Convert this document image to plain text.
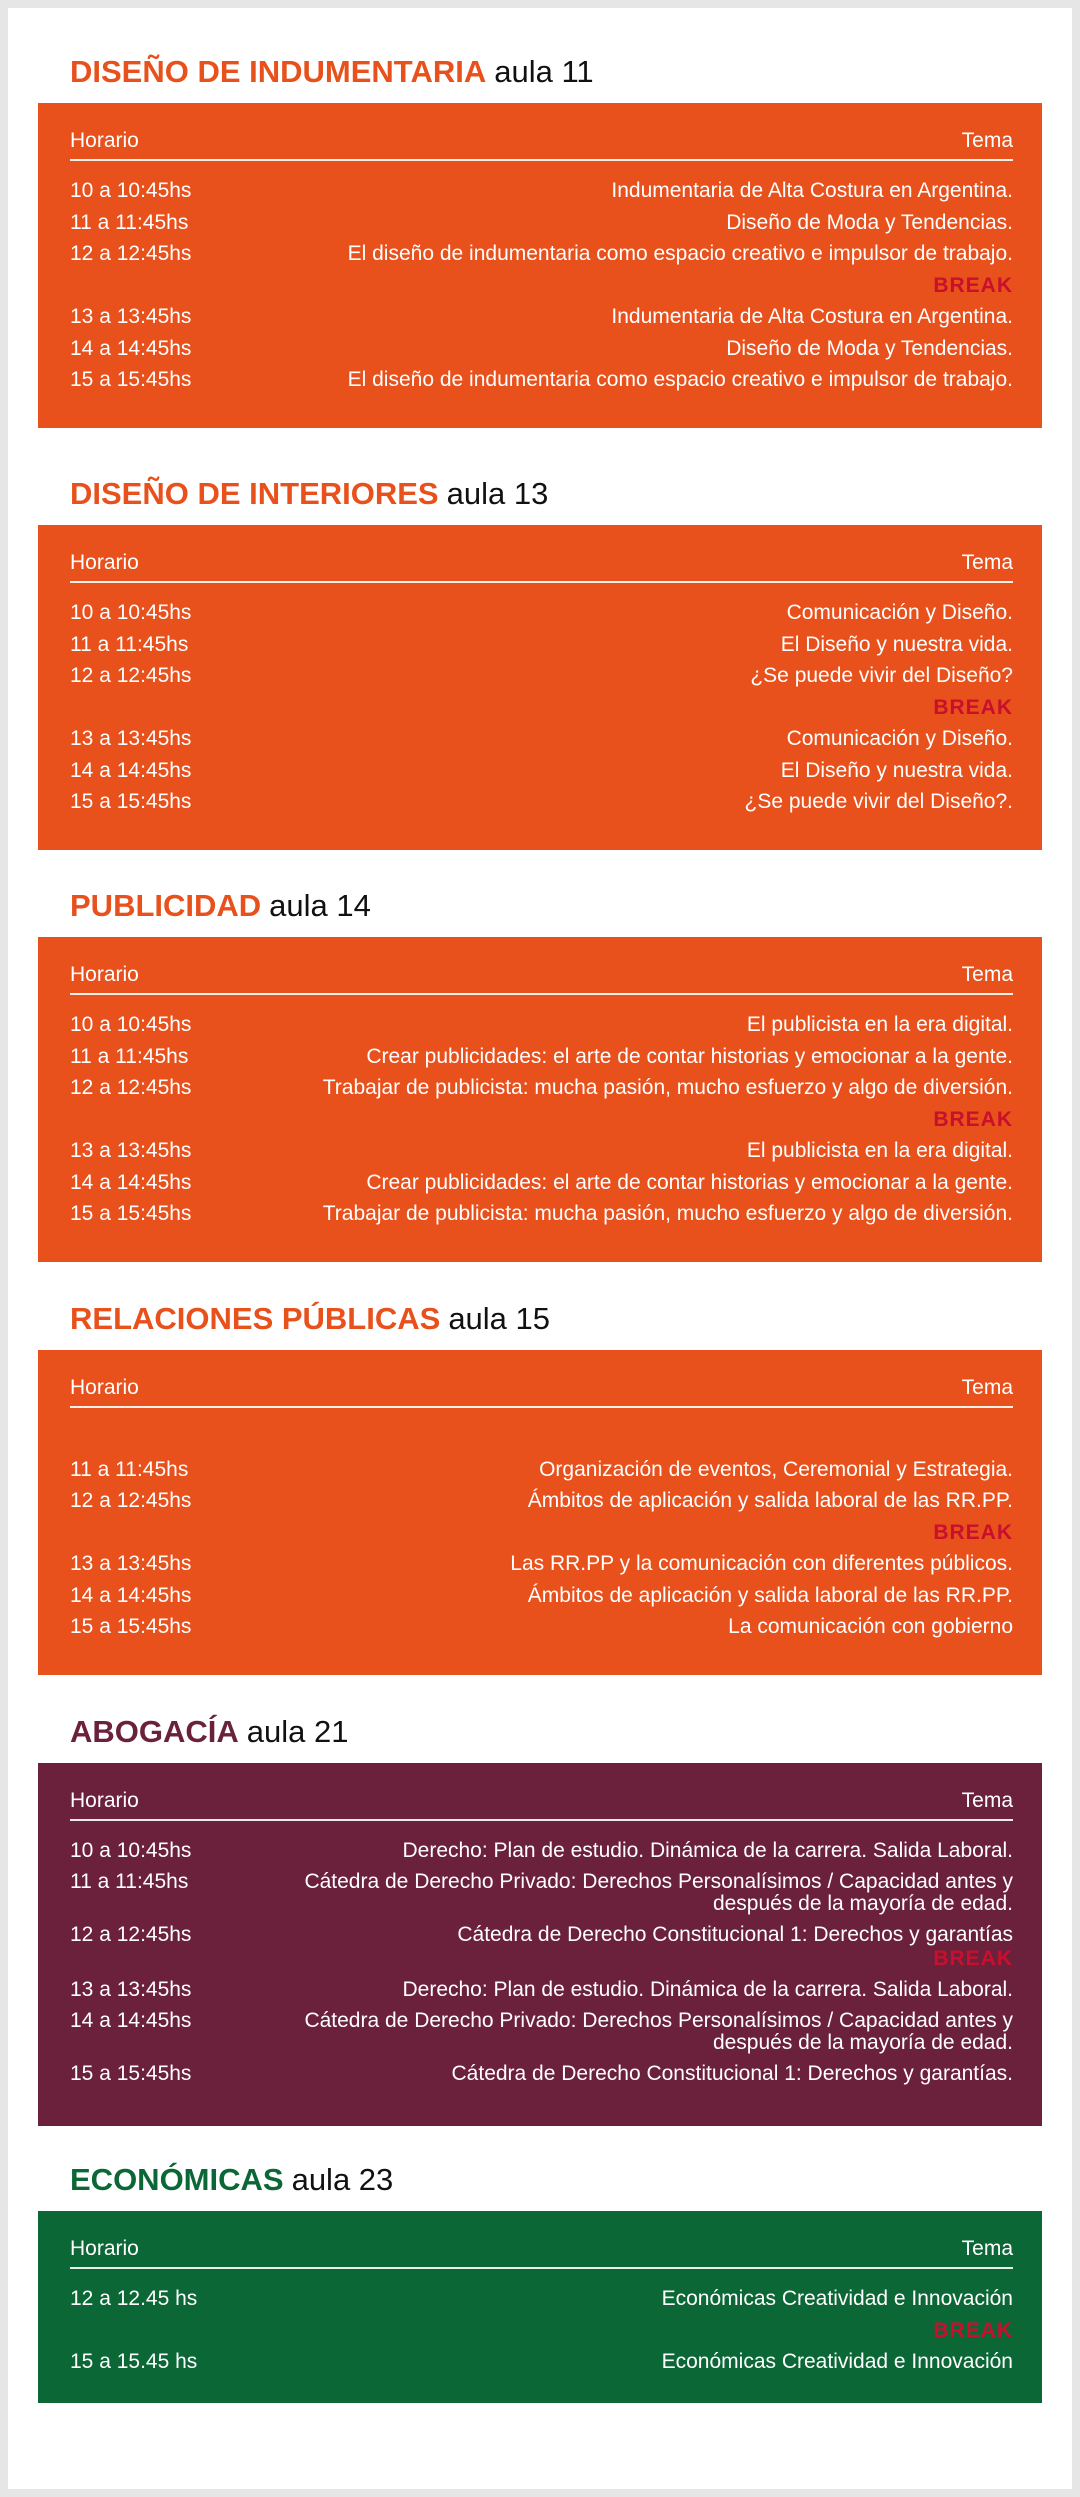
DISEÑO DE INDUMENTARIA aula 11
Horario	Tema
10 a 10:45hs	Indumentaria de Alta Costura en Argentina.
11 a 11:45hs	Diseño de Moda y Tendencias.
12 a 12:45hs	El diseño de indumentaria como espacio creativo e impulsor de trabajo.
BREAK
13 a 13:45hs	Indumentaria de Alta Costura en Argentina.
14 a 14:45hs	Diseño de Moda y Tendencias.
15 a 15:45hs	El diseño de indumentaria como espacio creativo e impulsor de trabajo.
DISEÑO DE INTERIORES aula 13
Horario	Tema
10 a 10:45hs	Comunicación y Diseño.
11 a 11:45hs	El Diseño y nuestra vida.
12 a 12:45hs	¿Se puede vivir del Diseño?
BREAK
13 a 13:45hs	Comunicación y Diseño.
14 a 14:45hs	El Diseño y nuestra vida.
15 a 15:45hs	¿Se puede vivir del Diseño?.
PUBLICIDAD aula 14
Horario	Tema
10 a 10:45hs	El publicista en la era digital.
11 a 11:45hs	Crear publicidades: el arte de contar historias y emocionar a la gente.
12 a 12:45hs	Trabajar de publicista: mucha pasión, mucho esfuerzo y algo de diversión.
BREAK
13 a 13:45hs	El publicista en la era digital.
14 a 14:45hs	Crear publicidades: el arte de contar historias y emocionar a la gente.
15 a 15:45hs	Trabajar de publicista: mucha pasión, mucho esfuerzo y algo de diversión.
RELACIONES PÚBLICAS aula 15
Horario	Tema
11 a 11:45hs	Organización de eventos, Ceremonial y Estrategia.
12 a 12:45hs	Ámbitos de aplicación y salida laboral de las RR.PP.
BREAK
13 a 13:45hs	Las RR.PP y la comunicación con diferentes públicos.
14 a 14:45hs	Ámbitos de aplicación y salida laboral de las RR.PP.
15 a 15:45hs	La comunicación con gobierno
ABOGACÍA aula 21
Horario	Tema
10 a 10:45hs	Derecho: Plan de estudio. Dinámica de la carrera. Salida Laboral.
11 a 11:45hs	Cátedra de Derecho Privado: Derechos Personalísimos / Capacidad antes y después de la mayoría de edad.
12 a 12:45hs	Cátedra de Derecho Constitucional 1: Derechos y garantías
BREAK
13 a 13:45hs	Derecho: Plan de estudio. Dinámica de la carrera. Salida Laboral.
14 a 14:45hs	Cátedra de Derecho Privado: Derechos Personalísimos / Capacidad antes y después de la mayoría de edad.
15 a 15:45hs	Cátedra de Derecho Constitucional 1: Derechos y garantías.
ECONÓMICAS aula 23
Horario	Tema
12 a 12.45 hs	Económicas Creatividad e Innovación
BREAK
15 a 15.45 hs	Económicas Creatividad e Innovación
